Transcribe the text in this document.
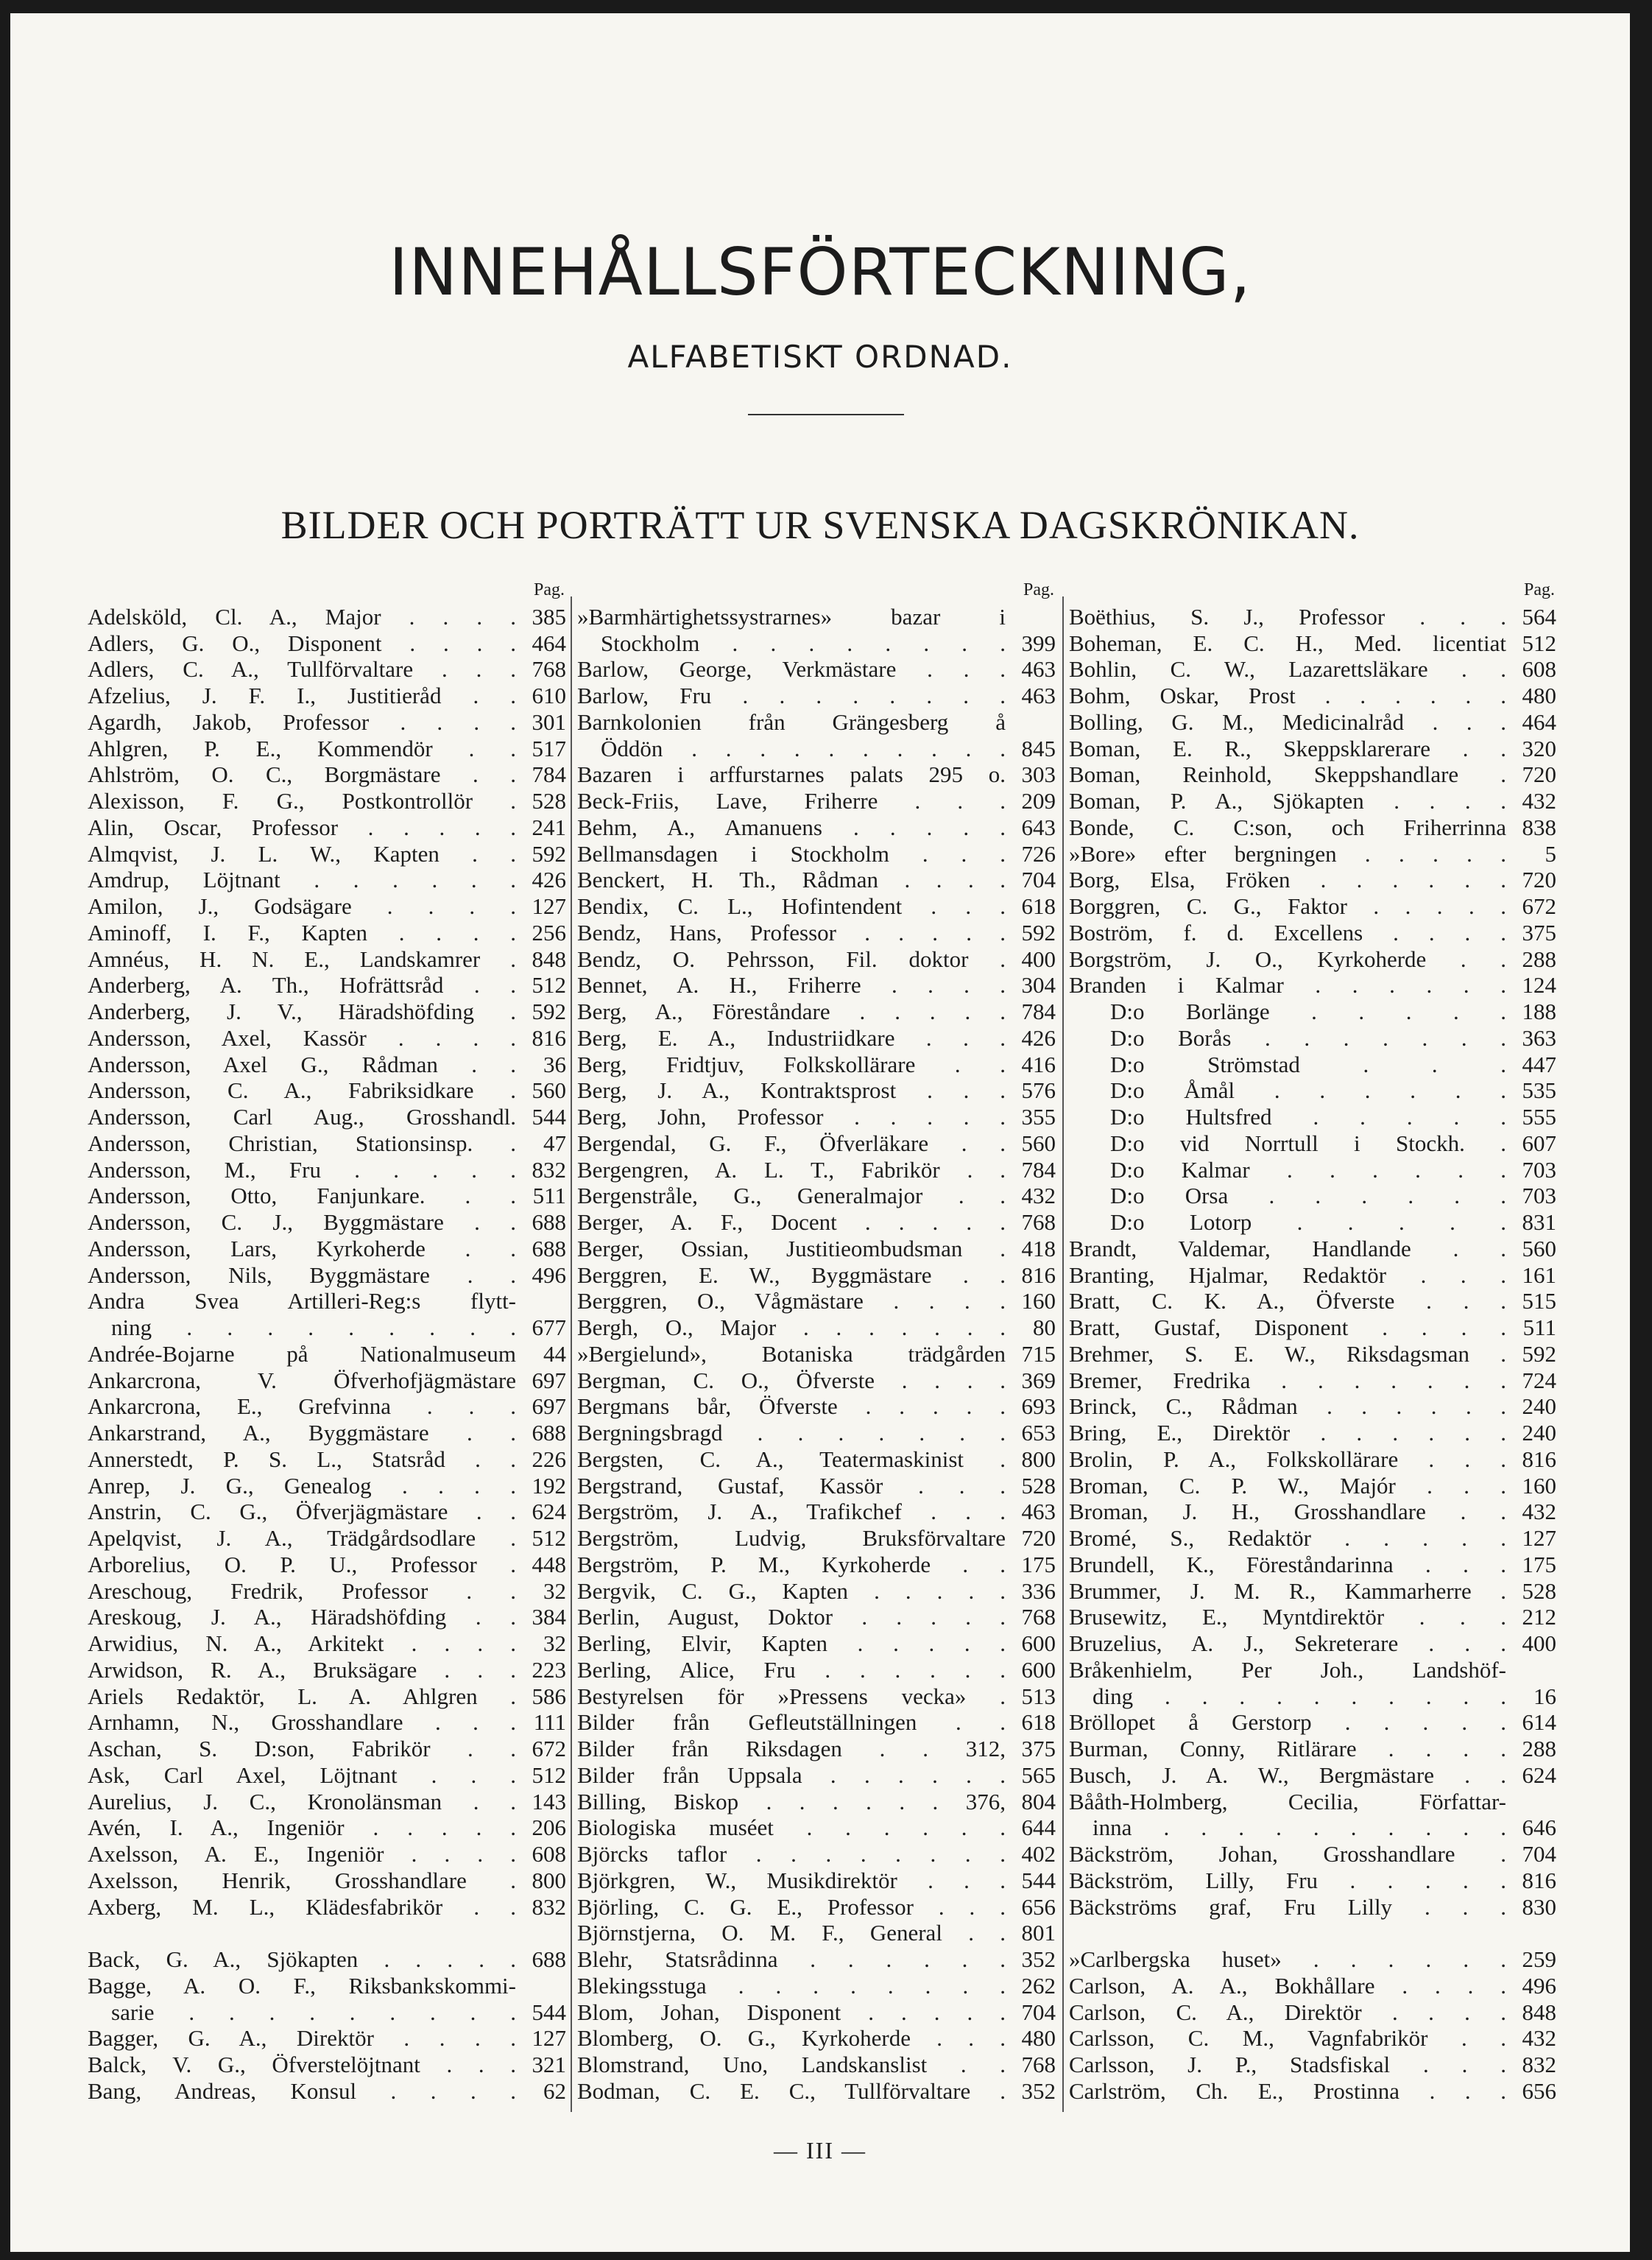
INNEHÅLLSFÖRTECKNING,
ALFABETISKT ORDNAD.
BILDER OCH PORTRÄTT UR SVENSKA DAGSKRÖNIKAN.
Pag.
Adelsköld, Cl. A., Major . . . . 385
Adlers, G. O., Disponent . . . . 464
Adlers, C. A., Tullförvaltare . . . 768
Afzelius, J. F. I., Justitieråd . . 610
Agardh, Jakob, Professor . . . . 301
Ahlgren, P. E., Kommendör . . 517
Ahlström, O. C., Borgmästare . . 784
Alexisson, F. G., Postkontrollör . 528
Alin, Oscar, Professor . . . . . 241
Almqvist, J. L. W., Kapten . . 592
Amdrup, Löjtnant . . . . . . 426
Amilon, J., Godsägare . . . . 127
Aminoff, I. F., Kapten . . . . 256
Amnéus, H. N. E., Landskamrer . 848
Anderberg, A. Th., Hofrättsråd . . 512
Anderberg, J. V., Häradshöfding . 592
Andersson, Axel, Kassör . . . . 816
Andersson, Axel G., Rådman . .	36
Andersson, C. A., Fabriksidkare . 560
Andersson, Carl Aug., Grosshandl. 544
Andersson, Christian, Stationsinsp. .	47
Andersson, M., Fru . . . . . 832
Andersson, Otto, Fanjunkare. . . 511
Andersson, C. J., Byggmästare . . 688
Andersson, Lars, Kyrkoherde . . 688
Andersson, Nils, Byggmästare . . 496
Andra Svea Artilleri-Reg:s flytt-
ning . . . . . . . . . 677
Andrée-Bojarne på Nationalmuseum	44
Ankarcrona, V. Öfverhofjägmästare 697
Ankarcrona, E., Grefvinna . . . 697
Ankarstrand, A., Byggmästare . . 688
Annerstedt, P. S. L., Statsråd . . 226
Anrep, J. G., Genealog . . . . 192
Anstrin, C. G., Öfverjägmästare . . 624
Apelqvist, J. A., Trädgårdsodlare . 512
Arborelius, O. P. U., Professor . 448
Areschoug, Fredrik, Professor . .	32
Areskoug, J. A., Häradshöfding . . 384
Arwidius, N. A., Arkitekt . . . .	32
Arwidson, R. A., Bruksägare . . . 223
Ariels Redaktör, L. A. Ahlgren . 586
Arnhamn, N., Grosshandlare . . . 111
Aschan, S. D:son, Fabrikör . . 672
Ask, Carl Axel, Löjtnant . . . 512
Aurelius, J. C., Kronolänsman . . 143
Avén, I. A., Ingeniör . . . . . 206
Axelsson, A. E., Ingeniör . . . . 608
Axelsson, Henrik, Grosshandlare . 800
Axberg, M. L., Klädesfabrikör . . 832
Back, G. A., Sjökapten . . . . . 688
Bagge, A. O. F., Riksbankskommi-
sarie . . . . . . . . . 544
Bagger, G. A., Direktör . . . . 127
Balck, V. G., Öfverstelöjtnant . . . 321
Bang, Andreas, Konsul . . . .	62
Pag.
»Barmhärtighetssystrarnes» bazar i
Stockholm . . . . . . . . 399
Barlow, George, Verkmästare . . . 463
Barlow, Fru . . . . . . . . 463
Barnkolonien från Grängesberg å
Öddön . . . . . . . . . . 845
Bazaren i arffurstarnes palats 295 o. 303
Beck-Friis, Lave, Friherre . . . 209
Behm, A., Amanuens . . . . . 643
Bellmansdagen i Stockholm . . . 726
Benckert, H. Th., Rådman . . . . 704
Bendix, C. L., Hofintendent . . . 618
Bendz, Hans, Professor . . . . . 592
Bendz, O. Pehrsson, Fil. doktor . 400
Bennet, A. H., Friherre . . . . 304
Berg, A., Föreståndare . . . . . 784
Berg, E. A., Industriidkare . . . 426
Berg, Fridtjuv, Folkskollärare . . 416
Berg, J. A., Kontraktsprost . . . 576
Berg, John, Professor . . . . . 355
Bergendal, G. F., Öfverläkare . . 560
Bergengren, A. L. T., Fabrikör . . 784
Bergenstråle, G., Generalmajor . . 432
Berger, A. F., Docent . . . . . 768
Berger, Ossian, Justitieombudsman . 418
Berggren, E. W., Byggmästare . . 816
Berggren, O., Vågmästare . . . . 160
Bergh, O., Major . . . . . . .	80
»Bergielund», Botaniska trädgården 715
Bergman, C. O., Öfverste . . . . 369
Bergmans bår, Öfverste . . . . . 693
Bergningsbragd . . . . . . . 653
Bergsten, C. A., Teatermaskinist . 800
Bergstrand, Gustaf, Kassör . . . 528
Bergström, J. A., Trafikchef . . . 463
Bergström, Ludvig, Bruksförvaltare 720
Bergström, P. M., Kyrkoherde . . 175
Bergvik, C. G., Kapten . . . . . 336
Berlin, August, Doktor . . . . . 768
Berling, Elvir, Kapten . . . . . 600
Berling, Alice, Fru . . . . . . 600
Bestyrelsen för »Pressens vecka» . 513
Bilder från Gefleutställningen . . 618
Bilder från Riksdagen . . 312, 375
Bilder från Uppsala . . . . . . 565
Billing, Biskop . . . . . . 376, 804
Biologiska muséet . . . . . . 644
Björcks taflor . . . . . . . . 402
Björkgren, W., Musikdirektör . . . 544
Björling, C. G. E., Professor . . . 656
Björnstjerna, O. M. F., General . . 801
Blehr, Statsrådinna . . . . . . 352
Blekingsstuga . . . . . . . . 262
Blom, Johan, Disponent . . . . . 704
Blomberg, O. G., Kyrkoherde . . . 480
Blomstrand, Uno, Landskanslist . . 768
Bodman, C. E. C., Tullförvaltare . 352
Pag.
Boëthius, S. J., Professor . . . 564
Boheman, E. C. H., Med. licentiat 512
Bohlin, C. W., Lazarettsläkare . . 608
Bohm, Oskar, Prost . . . . . . 480
Bolling, G. M., Medicinalråd . . . 464
Boman, E. R., Skeppsklarerare . . 320
Boman, Reinhold, Skeppshandlare . 720
Boman, P. A., Sjökapten . . . . 432
Bonde, C. C:son, och Friherrinna 838
»Bore» efter bergningen . . . . .	5
Borg, Elsa, Fröken . . . . . . 720
Borggren, C. G., Faktor . . . . . 672
Boström, f. d. Excellens . . . . 375
Borgström, J. O., Kyrkoherde . . 288
Branden i Kalmar . . . . . . 124
D:o Borlänge . . . . . 188
D:o Borås . . . . . . . 363
D:o Strömstad . . . 447
D:o Åmål . . . . . . 535
D:o Hultsfred . . . . . 555
D:o vid Norrtull i Stockh. . 607
D:o Kalmar . . . . . . 703
D:o Orsa . . . . . . 703
D:o Lotorp . . . . . 831
Brandt, Valdemar, Handlande . . 560
Branting, Hjalmar, Redaktör . . . 161
Bratt, C. K. A., Öfverste . . . 515
Bratt, Gustaf, Disponent . . . . 511
Brehmer, S. E. W., Riksdagsman . 592
Bremer, Fredrika . . . . . . . 724
Brinck, C., Rådman . . . . . . 240
Bring, E., Direktör . . . . . . 240
Brolin, P. A., Folkskollärare . . . 816
Broman, C. P. W., Majór . . . 160
Broman, J. H., Grosshandlare . . 432
Bromé, S., Redaktör . . . . . 127
Brundell, K., Föreståndarinna . . . 175
Brummer, J. M. R., Kammarherre . 528
Brusewitz, E., Myntdirektör . . . 212
Bruzelius, A. J., Sekreterare . . . 400
Bråkenhielm, Per Joh., Landshöf-
ding . . . . . . . . . .	16
Bröllopet å Gerstorp . . . . . 614
Burman, Conny, Ritlärare . . . . 288
Busch, J. A. W., Bergmästare . . 624
Bååth-Holmberg, Cecilia, Författar-
inna . . . . . . . . . . 646
Bäckström, Johan, Grosshandlare . 704
Bäckström, Lilly, Fru . . . . . 816
Bäckströms graf, Fru Lilly . . . 830
»Carlbergska huset» . . . . . . 259
Carlson, A. A., Bokhållare . . . . 496
Carlson, C. A., Direktör . . . . 848
Carlsson, C. M., Vagnfabrikör . . 432
Carlsson, J. P., Stadsfiskal . . . 832
Carlström, Ch. E., Prostinna . . . 656
— III —
